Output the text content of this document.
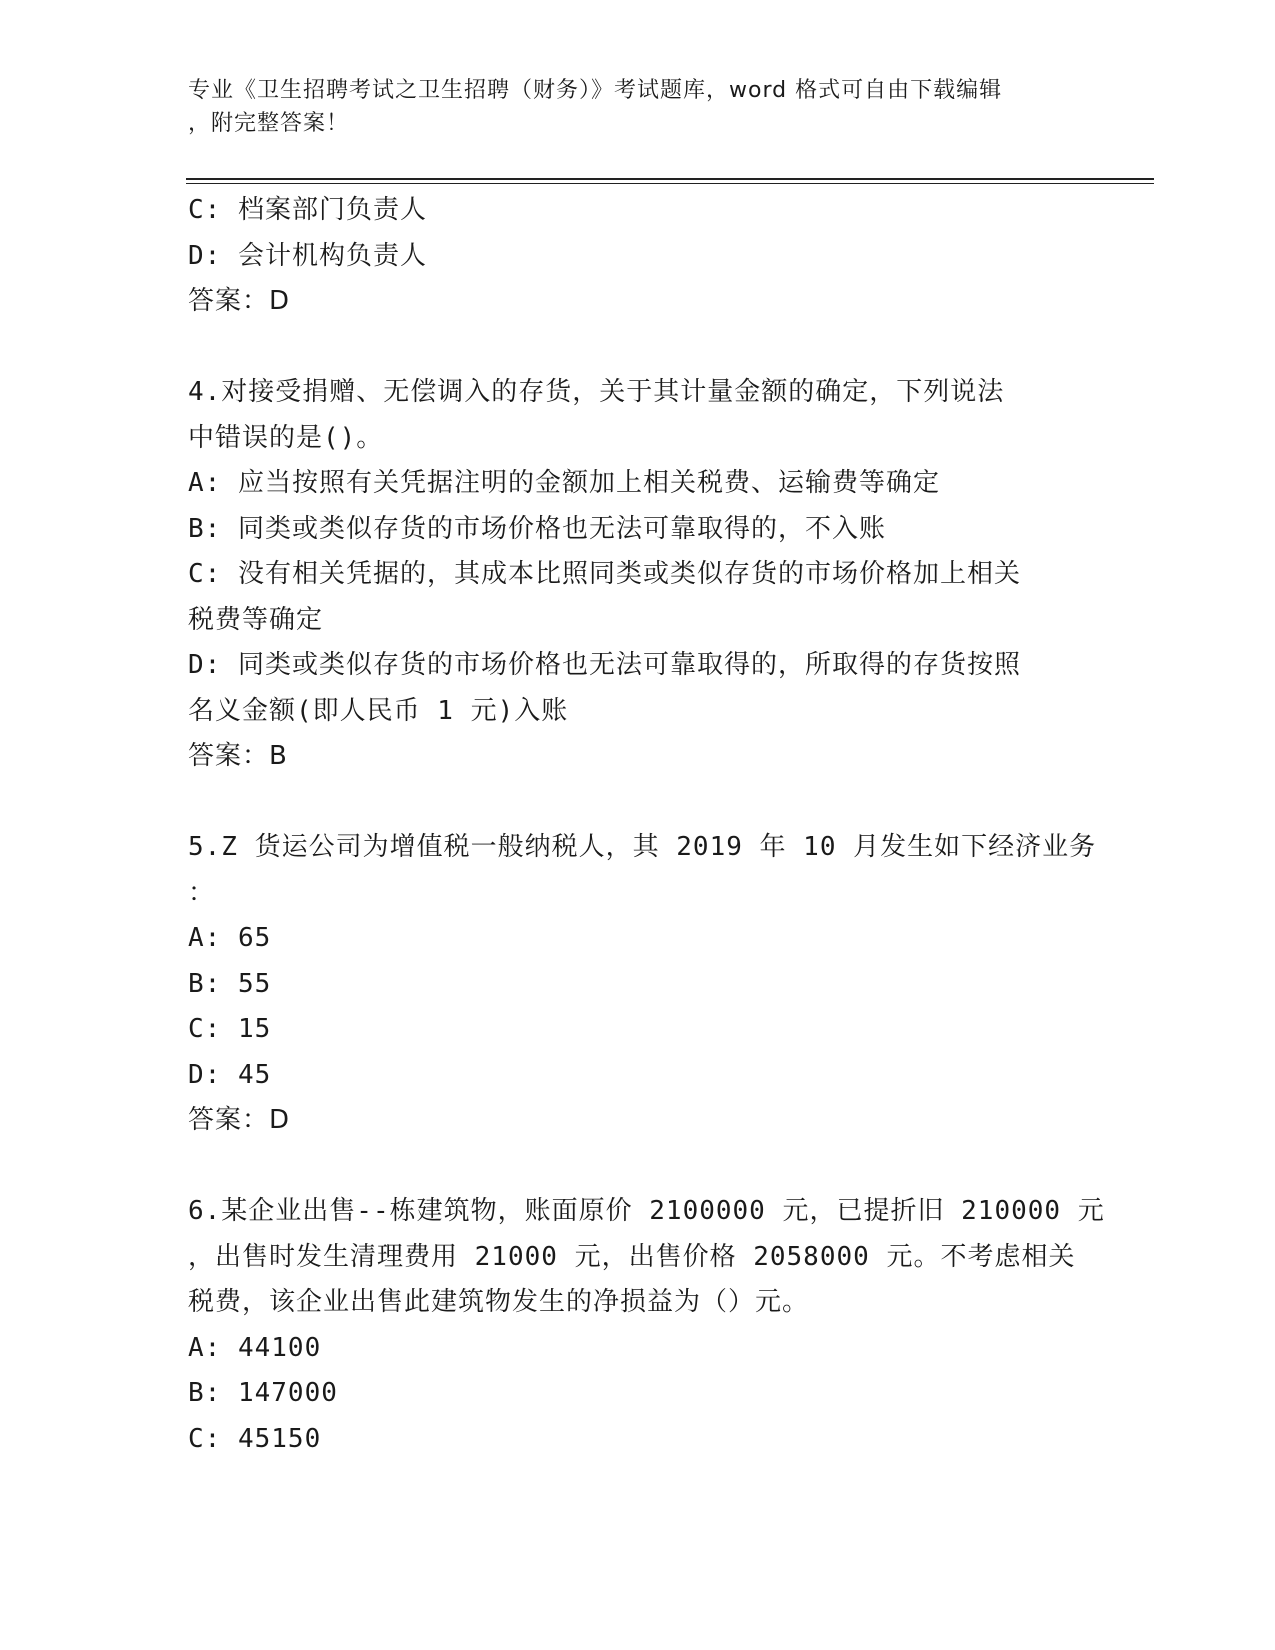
专业《卫生招聘考试之卫生招聘（财务）》考试题库，word 格式可自由下载编辑
，附完整答案！
C: 档案部门负责人
D: 会计机构负责人
答案：D
4.对接受捐赠、无偿调入的存货，关于其计量金额的确定，下列说法
中错误的是()。
A: 应当按照有关凭据注明的金额加上相关税费、运输费等确定
B: 同类或类似存货的市场价格也无法可靠取得的，不入账
C: 没有相关凭据的，其成本比照同类或类似存货的市场价格加上相关
税费等确定
D: 同类或类似存货的市场价格也无法可靠取得的，所取得的存货按照
名义金额(即人民币 1 元)入账
答案：B
5.Z 货运公司为增值税一般纳税人，其 2019 年 10 月发生如下经济业务
：
A: 65
B: 55
C: 15
D: 45
答案：D
6.某企业出售--栋建筑物，账面原价 2100000 元，已提折旧 210000 元
，出售时发生清理费用 21000 元，出售价格 2058000 元。不考虑相关
税费，该企业出售此建筑物发生的净损益为（）元。
A: 44100
B: 147000
C: 45150
